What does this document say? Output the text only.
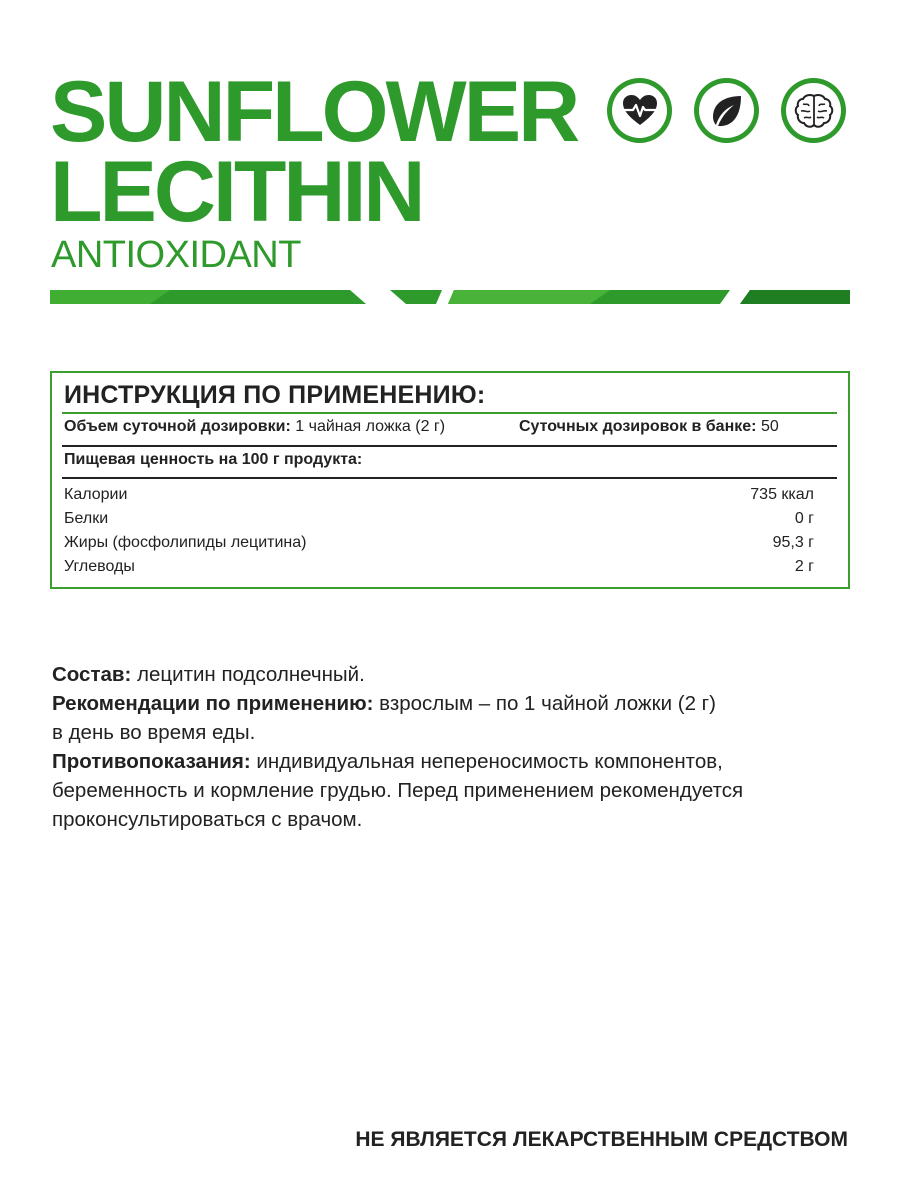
SUNFLOWER
LECITHIN
ANTIOXIDANT
ИНСТРУКЦИЯ ПО ПРИМЕНЕНИЮ:
Объем суточной дозировки: 1 чайная ложка (2 г)	Суточных дозировок в банке: 50
Пищевая ценность на 100 г продукта:
Калории	735 ккал
Белки	0 г
Жиры (фосфолипиды лецитина)	95,3 г
Углеводы	2 г

Состав: лецитин подсолнечный.

Рекомендации по применению: взрослым – по 1 чайной ложки (2 г)

в день во время еды.

Противопоказания: индивидуальная непереносимость компонентов,

беременность и кормление грудью. Перед применением рекомендуется

проконсультироваться с врачом.

НЕ ЯВЛЯЕТСЯ ЛЕКАРСТВЕННЫМ СРЕДСТВОМ
